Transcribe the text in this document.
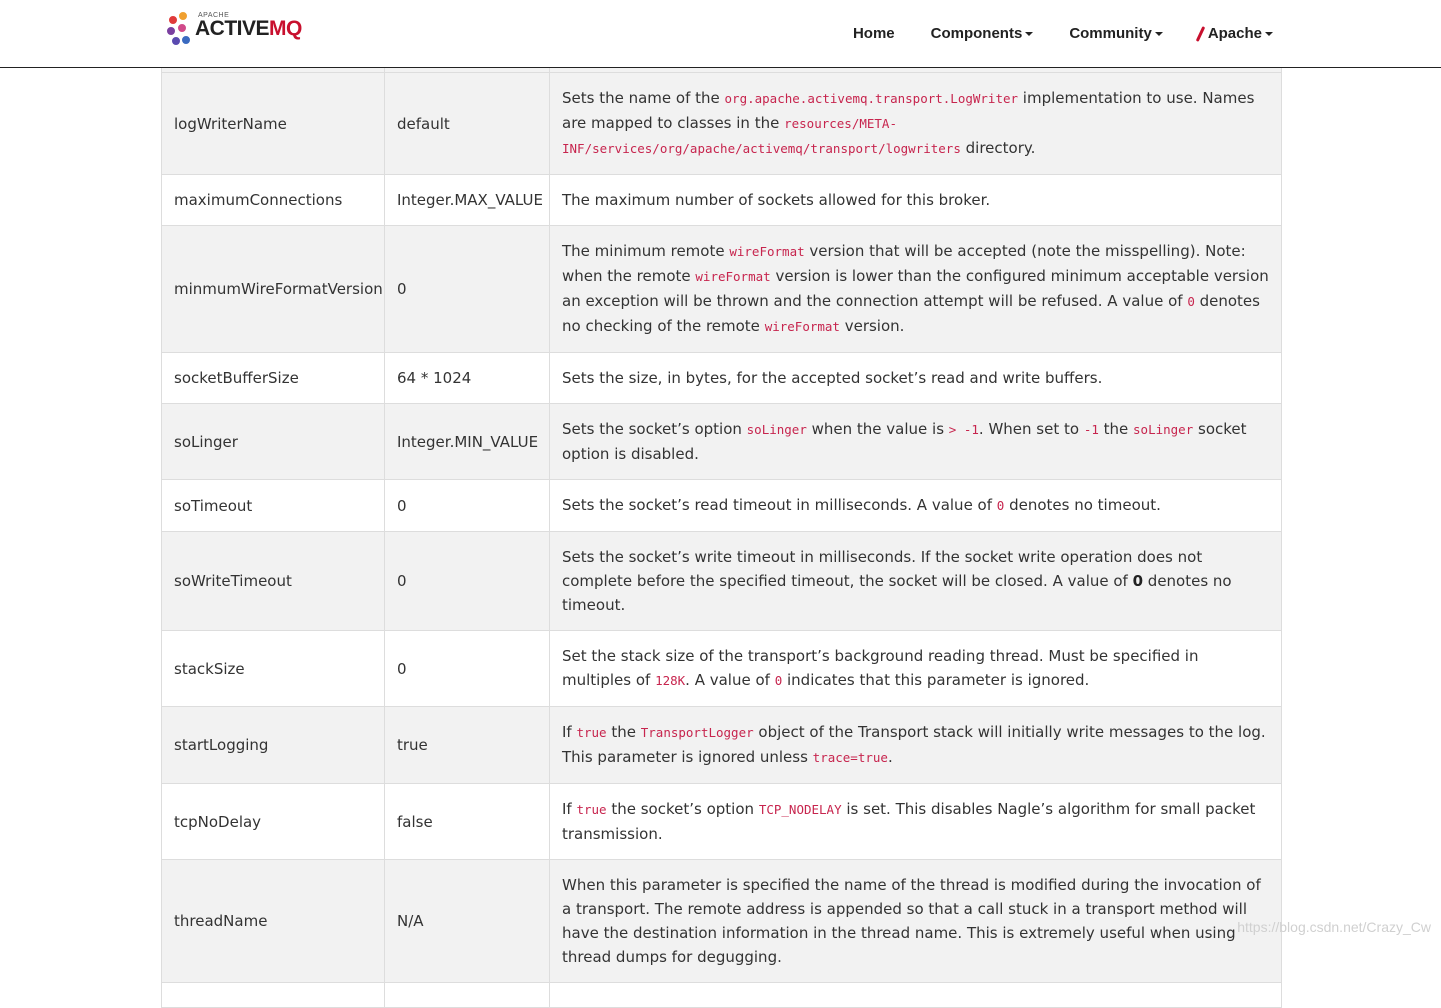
APACHE
ACTIVEMQ	Home Components	Community	Apache

logWriterName	default	Sets the name of the org.apache.activemq.transport.LogWriter implementation to use. Names are mapped to classes in the resources/META-INF/services/org/apache/activemq/transport/logwriters directory.
maximumConnections	Integer.MAX_VALUE	The maximum number of sockets allowed for this broker.
minmumWireFormatVersion	0	The minimum remote wireFormat version that will be accepted (note the misspelling). Note: when the remote wireFormat version is lower than the configured minimum acceptable version an exception will be thrown and the connection attempt will be refused. A value of 0 denotes no checking of the remote wireFormat version.
socketBufferSize	64 * 1024	Sets the size, in bytes, for the accepted socket’s read and write buffers.
soLinger	Integer.MIN_VALUE	Sets the socket’s option soLinger when the value is > -1. When set to -1 the soLinger socket option is disabled.
soTimeout	0	Sets the socket’s read timeout in milliseconds. A value of 0 denotes no timeout.
soWriteTimeout	0	Sets the socket’s write timeout in milliseconds. If the socket write operation does not complete before the specified timeout, the socket will be closed. A value of 0 denotes no timeout.
stackSize	0	Set the stack size of the transport’s background reading thread. Must be specified in multiples of 128K. A value of 0 indicates that this parameter is ignored.
startLogging	true	If true the TransportLogger object of the Transport stack will initially write messages to the log. This parameter is ignored unless trace=true.
tcpNoDelay	false	If true the socket’s option TCP_NODELAY is set. This disables Nagle’s algorithm for small packet transmission.
threadName	N/A	When this parameter is specified the name of the thread is modified during the invocation of a transport. The remote address is appended so that a call stuck in a transport method will have the destination information in the thread name. This is extremely useful when using thread dumps for degugging.

https://blog.csdn.net/Crazy_Cw
